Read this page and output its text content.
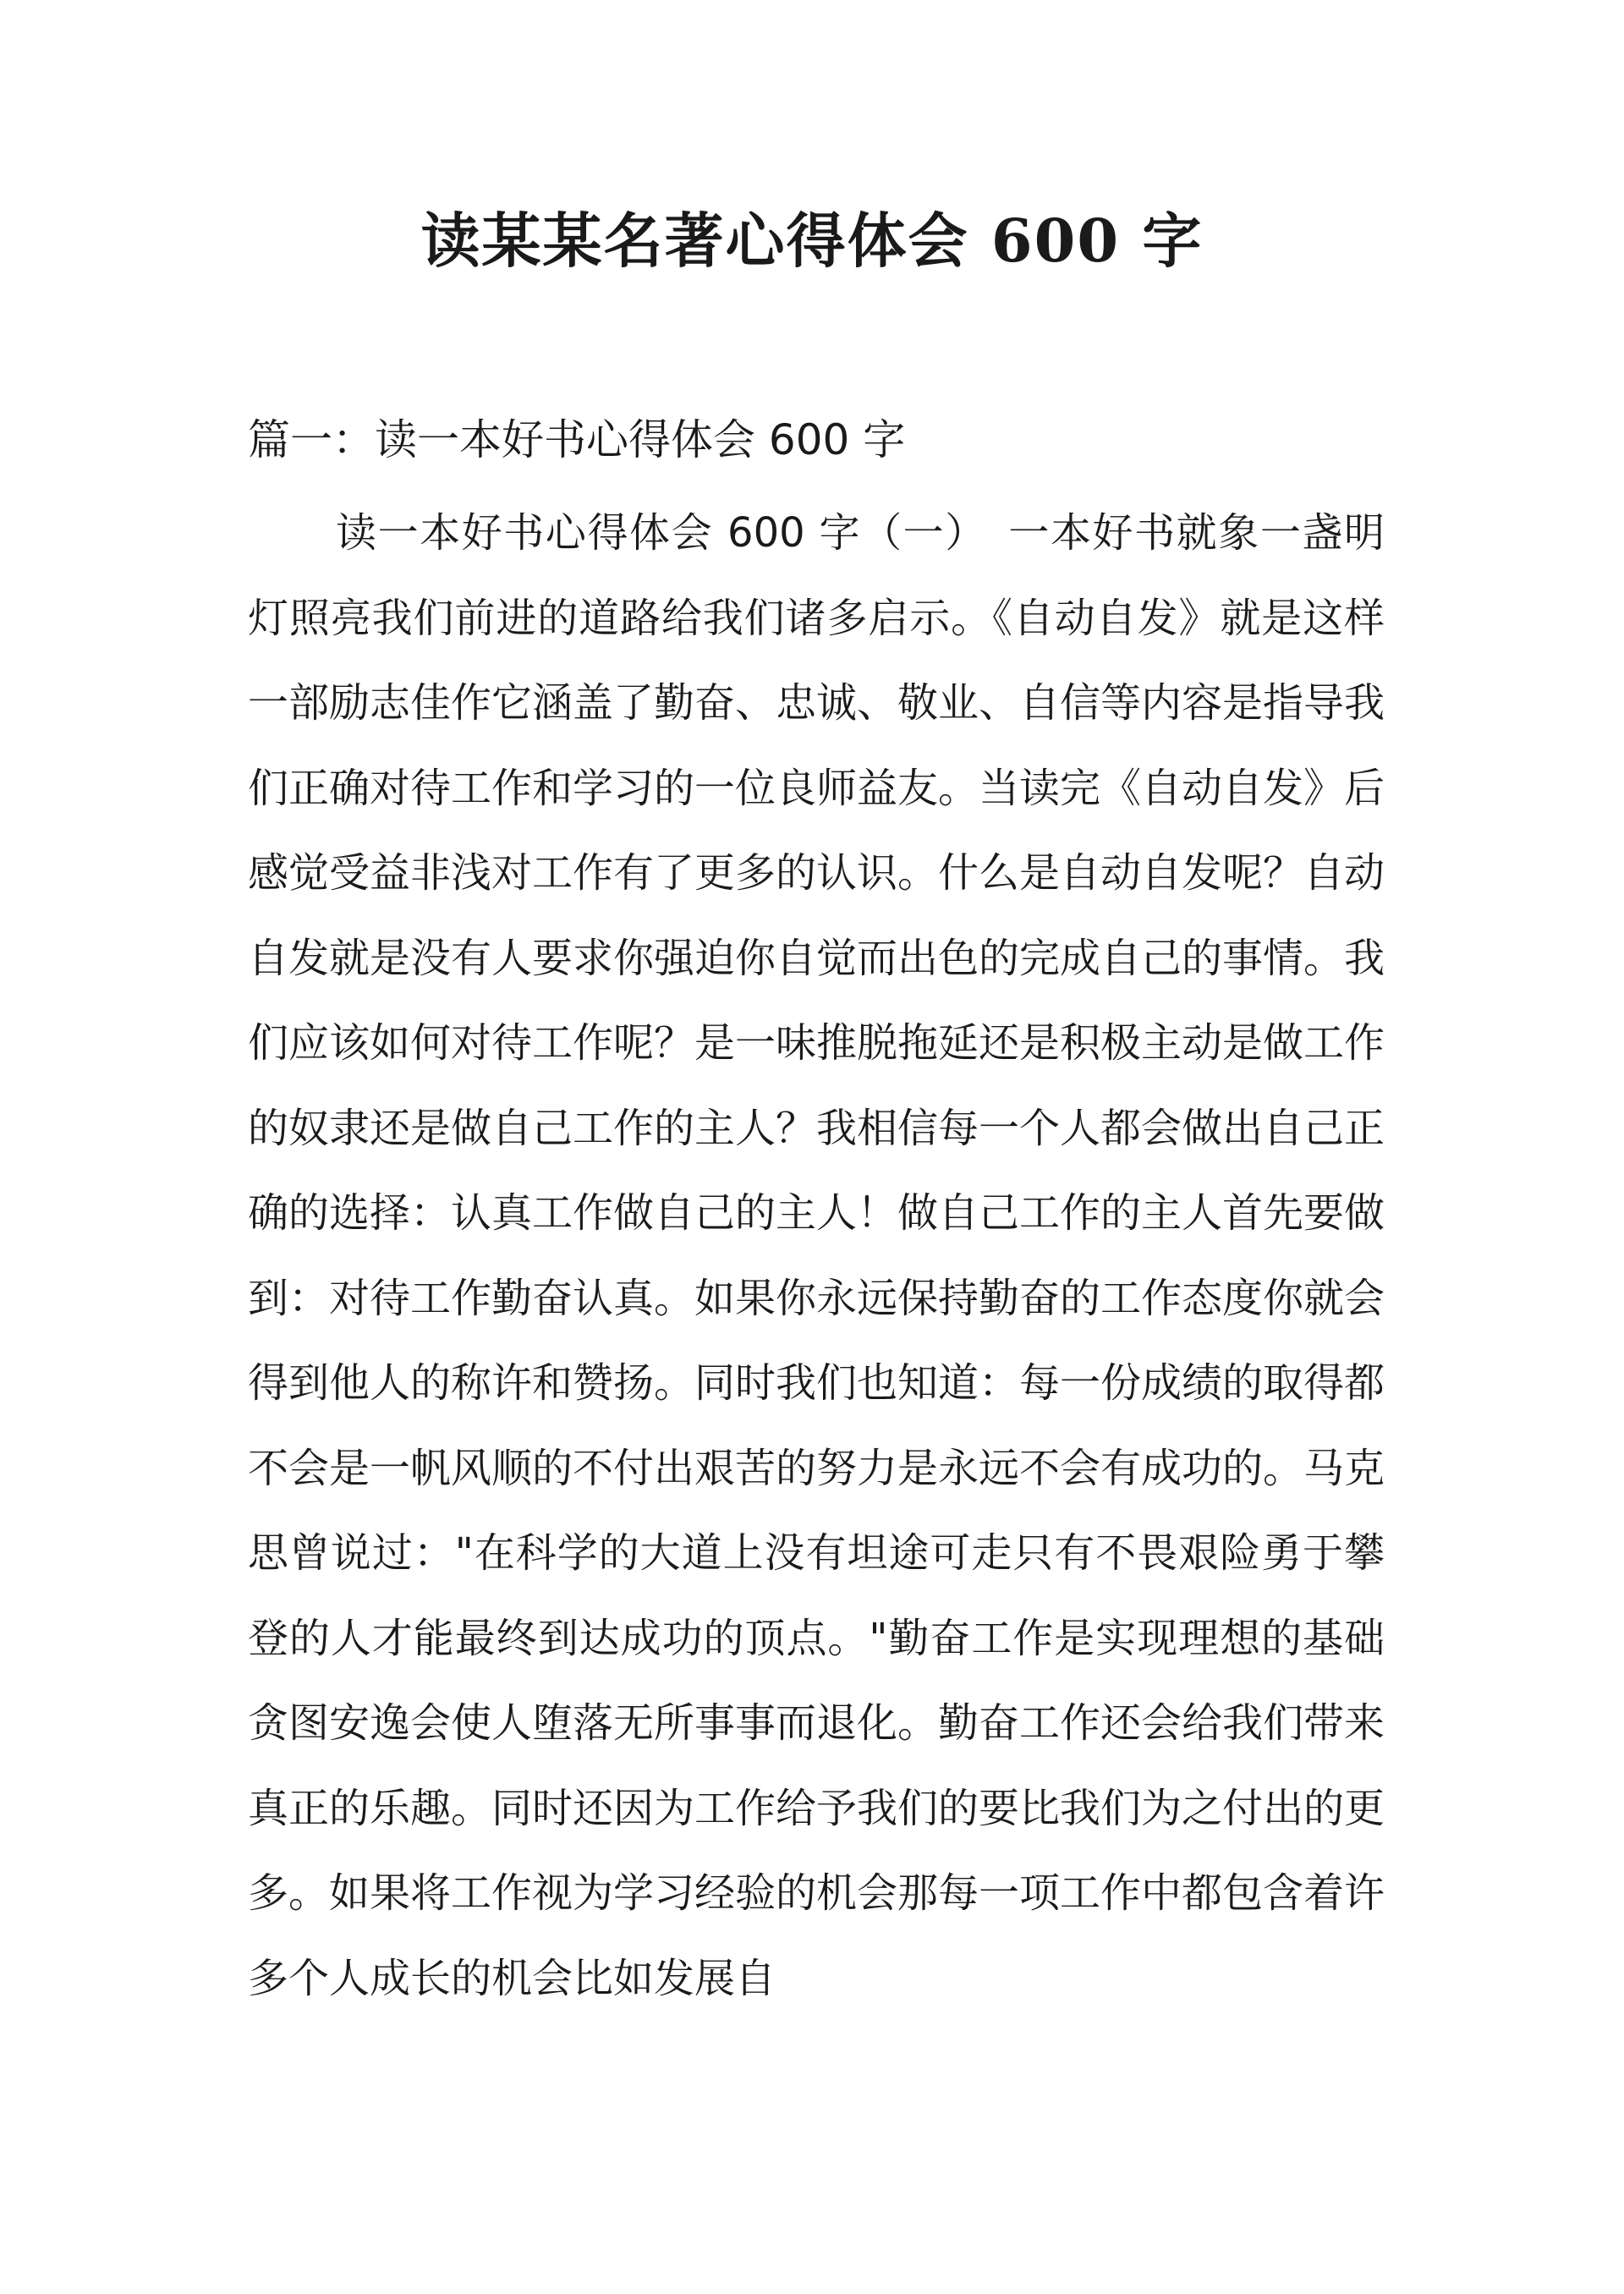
读某某名著心得体会 600 字

篇一：读一本好书心得体会 600 字

读一本好书心得体会 600 字（一）　一本好书就象一盏明灯照亮我们前进的道路给我们诸多启示。《自动自发》就是这样一部励志佳作它涵盖了勤奋、忠诚、敬业、自信等内容是指导我们正确对待工作和学习的一位良师益友。当读完《自动自发》后感觉受益非浅对工作有了更多的认识。什么是自动自发呢？自动自发就是没有人要求你强迫你自觉而出色的完成自己的事情。我们应该如何对待工作呢？是一味推脱拖延还是积极主动是做工作的奴隶还是做自己工作的主人？我相信每一个人都会做出自己正确的选择：认真工作做自己的主人！做自己工作的主人首先要做到：对待工作勤奋认真。如果你永远保持勤奋的工作态度你就会得到他人的称许和赞扬。同时我们也知道：每一份成绩的取得都不会是一帆风顺的不付出艰苦的努力是永远不会有成功的。马克思曾说过："在科学的大道上没有坦途可走只有不畏艰险勇于攀登的人才能最终到达成功的顶点。"勤奋工作是实现理想的基础贪图安逸会使人堕落无所事事而退化。勤奋工作还会给我们带来真正的乐趣。同时还因为工作给予我们的要比我们为之付出的更多。如果将工作视为学习经验的机会那每一项工作中都包含着许多个人成长的机会比如发展自
